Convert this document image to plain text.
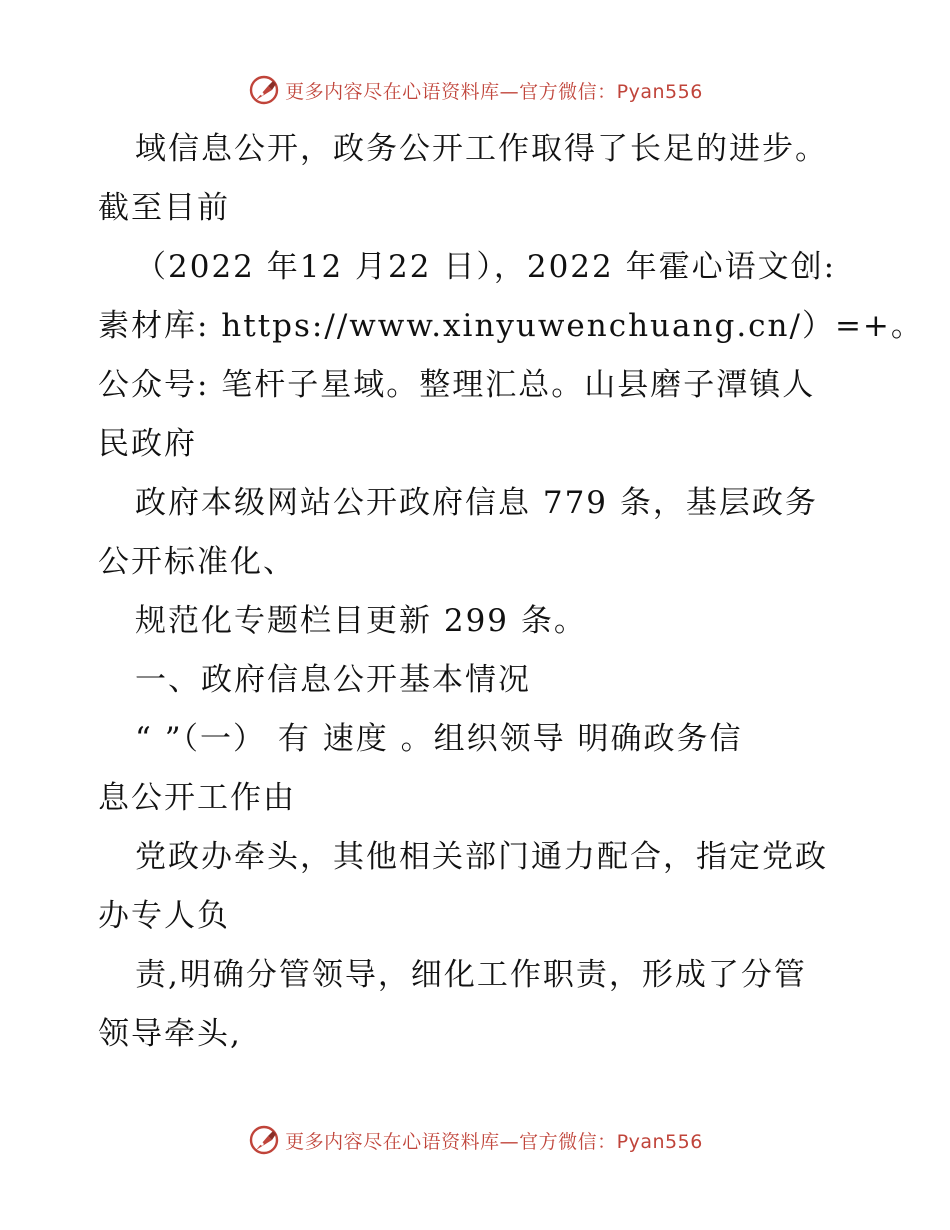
更多内容尽在心语资料库—官方微信：Pyan556
域信息公开，政务公开工作取得了长足的进步。
截至目前
（2022 年12 月22 日），2022 年霍心语文创:
素材库: https://www.xinyuwenchuang.cn/）=+。
公众号: 笔杆子星域。整理汇总。山县磨子潭镇人
民政府
政府本级网站公开政府信息 779 条，基层政务
公开标准化、
规范化专题栏目更新 299 条。
一、政府信息公开基本情况
“ ”（一） 有 速度 。组织领导 明确政务信
息公开工作由
党政办牵头，其他相关部门通力配合，指定党政
办专人负
责,明确分管领导，细化工作职责，形成了分管
领导牵头,
更多内容尽在心语资料库—官方微信：Pyan556
